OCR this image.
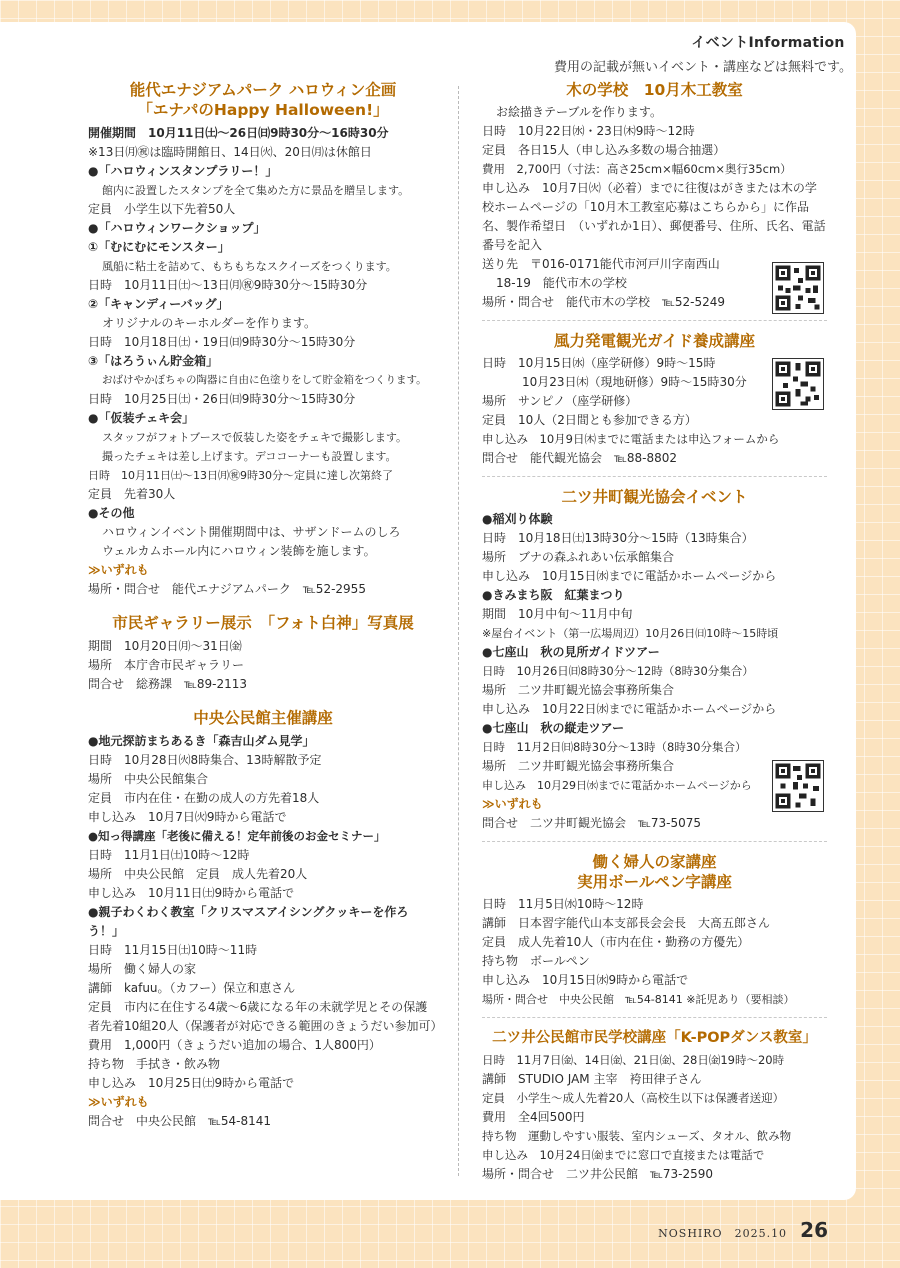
イベントInformation
費用の記載が無いイベント・講座などは無料です。
能代エナジアムパーク ハロウィン企画
「エナパのHappy Halloween!」
開催期間　10月11日㈯～26日㈰9時30分～16時30分
※13日㈪㊗は臨時開館日、14日㈫、20日㈪は休館日
●「ハロウィンスタンプラリー！」
館内に設置したスタンプを全て集めた方に景品を贈呈します。
定員　小学生以下先着50人
●「ハロウィンワークショップ」
①「むにむにモンスター」
風船に粘土を詰めて、もちもちなスクイーズをつくります。
日時　10月11日㈯～13日㈪㊗9時30分～15時30分
②「キャンディーバッグ」
オリジナルのキーホルダーを作ります。
日時　10月18日㈯・19日㈰9時30分～15時30分
③「はろうぃん貯金箱」
おばけやかぼちゃの陶器に自由に色塗りをして貯金箱をつくります。
日時　10月25日㈯・26日㈰9時30分～15時30分
●「仮装チェキ会」
スタッフがフォトブースで仮装した姿をチェキで撮影します。
撮ったチェキは差し上げます。デココーナーも設置します。
日時　10月11日㈯～13日㈪㊗9時30分～定員に達し次第終了
定員　先着30人
●その他
ハロウィンイベント開催期間中は、サザンドームのしろ
ウェルカムホール内にハロウィン装飾を施します。
≫いずれも
場所・問合せ　能代エナジアムパーク　℡52-2955
市民ギャラリー展示　「フォト白神」写真展
期間　10月20日㈪～31日㈮
場所　本庁舎市民ギャラリー
問合せ　総務課　℡89-2113
中央公民館主催講座
●地元探訪まちあるき「森吉山ダム見学」
日時　10月28日㈫8時集合、13時解散予定
場所　中央公民館集合
定員　市内在住・在勤の成人の方先着18人
申し込み　10月7日㈫9時から電話で
●知っ得講座「老後に備える！定年前後のお金セミナー」
日時　11月1日㈯10時～12時
場所　中央公民館　定員　成人先着20人
申し込み　10月11日㈯9時から電話で
●親子わくわく教室「クリスマスアイシングクッキーを作ろう！」
日時　11月15日㈯10時～11時
場所　働く婦人の家
講師　kafuu。（カフー）保立和恵さん
定員　市内に在住する4歳～6歳になる年の未就学児とその保護者先着10組20人（保護者が対応できる範囲のきょうだい参加可）
費用　1,000円（きょうだい追加の場合、1人800円）
持ち物　手拭き・飲み物
申し込み　10月25日㈯9時から電話で
≫いずれも
問合せ　中央公民館　℡54-8141
木の学校　10月木工教室
お絵描きテーブルを作ります。
日時　10月22日㈬・23日㈭9時～12時
定員　各日15人（申し込み多数の場合抽選）
費用　2,700円（寸法：高さ25cm×幅60cm×奥行35cm）
申し込み　10月7日㈫（必着）までに往復はがきまたは木の学校ホームページの「10月木工教室応募はこちらから」に作品名、製作希望日　（いずれか1日）、郵便番号、住所、氏名、電話番号を記入
送り先　〒016-0171能代市河戸川字南西山
18-19　能代市木の学校
場所・問合せ　能代市木の学校　℡52-5249
風力発電観光ガイド養成講座
日時　10月15日㈬（座学研修）9時～15時
10月23日㈭（現地研修）9時～15時30分
場所　サンピノ（座学研修）
定員　10人（2日間とも参加できる方）
申し込み　10月9日㈭までに電話または申込フォームから
問合せ　能代観光協会　℡88-8802
二ツ井町観光協会イベント
●稲刈り体験
日時　10月18日㈯13時30分～15時（13時集合）
場所　ブナの森ふれあい伝承館集合
申し込み　10月15日㈬までに電話かホームページから
●きみまち阪　紅葉まつり
期間　10月中旬～11月中旬
※屋台イベント（第一広場周辺）10月26日㈰10時～15時頃
●七座山　秋の見所ガイドツアー
日時　10月26日㈰8時30分～12時（8時30分集合）
場所　二ツ井町観光協会事務所集合
申し込み　10月22日㈬までに電話かホームページから
●七座山　秋の縦走ツアー
日時　11月2日㈰8時30分～13時（8時30分集合）
場所　二ツ井町観光協会事務所集合
申し込み　10月29日㈬までに電話かホームページから
≫いずれも
問合せ　二ツ井町観光協会　℡73-5075
働く婦人の家講座
実用ボールペン字講座
日時　11月5日㈬10時～12時
講師　日本習字能代山本支部長会会長　大髙五郎さん
定員　成人先着10人（市内在住・勤務の方優先）
持ち物　ボールペン
申し込み　10月15日㈬9時から電話で
場所・問合せ　中央公民館　℡54-8141 ※託児あり（要相談）
二ツ井公民館市民学校講座「K-POPダンス教室」
日時　11月7日㈮、14日㈮、21日㈮、28日㈮19時～20時
講師　STUDIO JAM 主宰　袴田律子さん
定員　小学生～成人先着20人（高校生以下は保護者送迎）
費用　全4回500円
持ち物　運動しやすい服装、室内シューズ、タオル、飲み物
申し込み　10月24日㈮までに窓口で直接または電話で
場所・問合せ　二ツ井公民館　℡73-2590
NOSHIRO　2025.10 26
